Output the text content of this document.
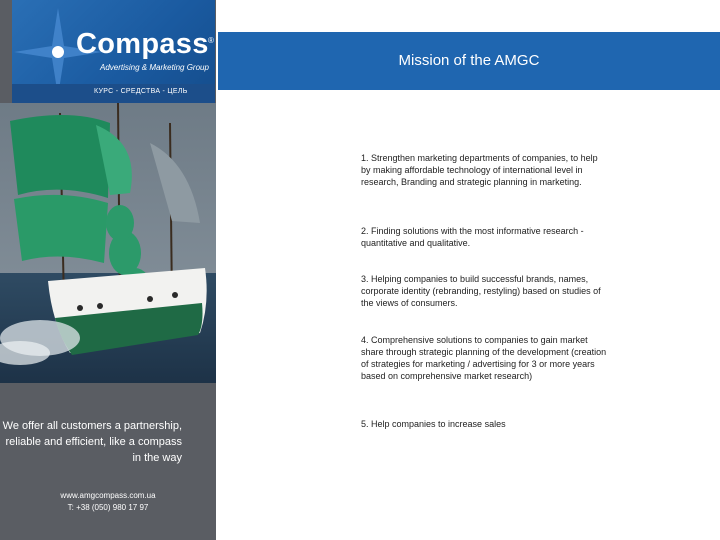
Compass ®
Advertising & Marketing Group
КУРС - СРЕДСТВА - ЦЕЛЬ
We offer all customers a partnership, reliable and efficient, like a compass in the way
www.amgcompass.com.ua
T: +38 (050) 980 17 97
Mission of the AMGC
1. Strengthen marketing departments of companies, to help by making affordable technology of international level in research, Branding and strategic planning in marketing.
2. Finding solutions with the most informative research - quantitative and qualitative.
3. Helping companies to build successful brands, names, corporate identity (rebranding, restyling) based on studies of the views of consumers.
4. Comprehensive solutions to companies to gain market share through strategic planning of the development (creation of strategies for marketing / advertising for 3 or more years based on comprehensive market research)
5. Help companies to increase sales
